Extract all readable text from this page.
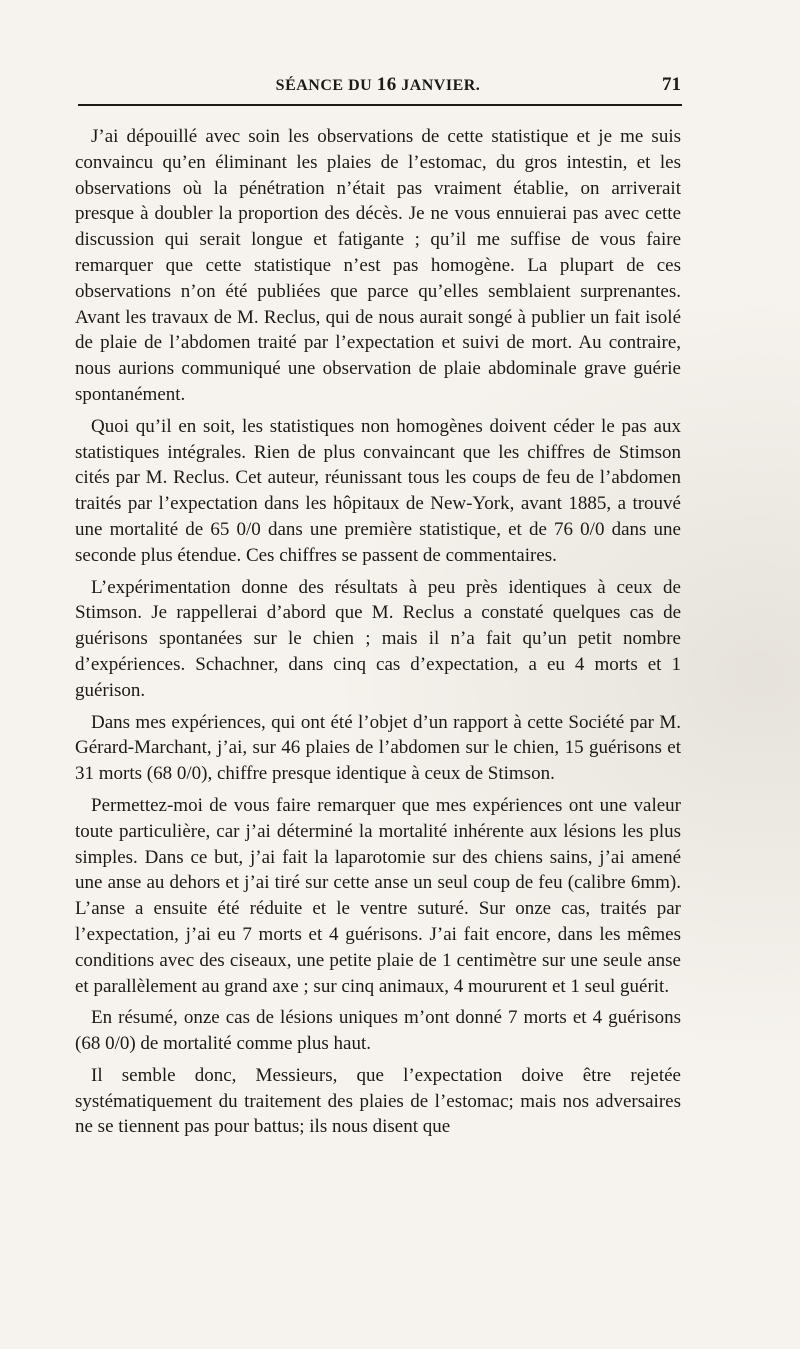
SÉANCE DU 16 JANVIER.	71

J’ai dépouillé avec soin les observations de cette statistique et je me suis convaincu qu’en éliminant les plaies de l’estomac, du gros intestin, et les observations où la pénétration n’était pas vraiment établie, on arriverait presque à doubler la proportion des décès. Je ne vous ennuierai pas avec cette discussion qui serait longue et fatigante ; qu’il me suffise de vous faire remarquer que cette statistique n’est pas homogène. La plupart de ces observations n’on été publiées que parce qu’elles semblaient surprenantes. Avant les travaux de M. Reclus, qui de nous aurait songé à publier un fait isolé de plaie de l’abdomen traité par l’expectation et suivi de mort. Au contraire, nous aurions communiqué une observation de plaie abdominale grave guérie spontanément.

Quoi qu’il en soit, les statistiques non homogènes doivent céder le pas aux statistiques intégrales. Rien de plus convaincant que les chiffres de Stimson cités par M. Reclus. Cet auteur, réunissant tous les coups de feu de l’abdomen traités par l’expectation dans les hôpitaux de New-York, avant 1885, a trouvé une mortalité de 65 0/0 dans une première statistique, et de 76 0/0 dans une seconde plus étendue. Ces chiffres se passent de commentaires.

L’expérimentation donne des résultats à peu près identiques à ceux de Stimson. Je rappellerai d’abord que M. Reclus a constaté quelques cas de guérisons spontanées sur le chien ; mais il n’a fait qu’un petit nombre d’expériences. Schachner, dans cinq cas d’expectation, a eu 4 morts et 1 guérison.

Dans mes expériences, qui ont été l’objet d’un rapport à cette Société par M. Gérard-Marchant, j’ai, sur 46 plaies de l’abdomen sur le chien, 15 guérisons et 31 morts (68 0/0), chiffre presque identique à ceux de Stimson.

Permettez-moi de vous faire remarquer que mes expériences ont une valeur toute particulière, car j’ai déterminé la mortalité inhérente aux lésions les plus simples. Dans ce but, j’ai fait la laparotomie sur des chiens sains, j’ai amené une anse au dehors et j’ai tiré sur cette anse un seul coup de feu (calibre 6mm). L’anse a ensuite été réduite et le ventre suturé. Sur onze cas, traités par l’expectation, j’ai eu 7 morts et 4 guérisons. J’ai fait encore, dans les mêmes conditions avec des ciseaux, une petite plaie de 1 centimètre sur une seule anse et parallèlement au grand axe ; sur cinq animaux, 4 moururent et 1 seul guérit.

En résumé, onze cas de lésions uniques m’ont donné 7 morts et 4 guérisons (68 0/0) de mortalité comme plus haut.

Il semble donc, Messieurs, que l’expectation doive être rejetée systématiquement du traitement des plaies de l’estomac; mais nos adversaires ne se tiennent pas pour battus; ils nous disent que
